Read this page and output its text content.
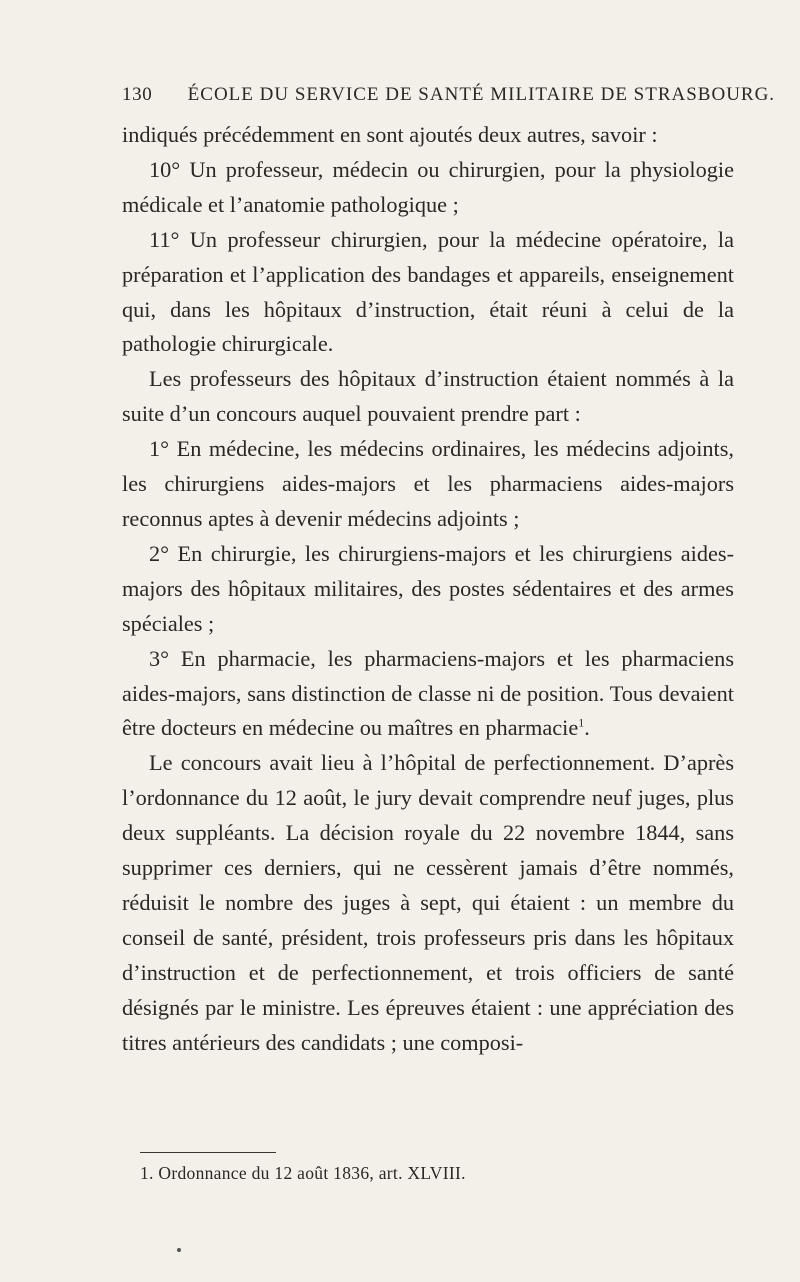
130 ÉCOLE DU SERVICE DE SANTÉ MILITAIRE DE STRASBOURG.

indiqués précédemment en sont ajoutés deux autres, savoir :

10° Un professeur, médecin ou chirurgien, pour la physiologie médicale et l’anatomie pathologique ;

11° Un professeur chirurgien, pour la médecine opératoire, la préparation et l’application des bandages et appareils, enseignement qui, dans les hôpitaux d’instruction, était réuni à celui de la pathologie chirurgicale.

Les professeurs des hôpitaux d’instruction étaient nommés à la suite d’un concours auquel pouvaient prendre part :

1° En médecine, les médecins ordinaires, les médecins adjoints, les chirurgiens aides-majors et les pharmaciens aides-majors reconnus aptes à devenir médecins adjoints ;

2° En chirurgie, les chirurgiens-majors et les chirurgiens aides-majors des hôpitaux militaires, des postes sédentaires et des armes spéciales ;

3° En pharmacie, les pharmaciens-majors et les pharmaciens aides-majors, sans distinction de classe ni de position. Tous devaient être docteurs en médecine ou maîtres en pharmacie$^1$.

Le concours avait lieu à l’hôpital de perfectionnement. D’après l’ordonnance du 12 août, le jury devait comprendre neuf juges, plus deux suppléants. La décision royale du 22 novembre 1844, sans supprimer ces derniers, qui ne cessèrent jamais d’être nommés, réduisit le nombre des juges à sept, qui étaient : un membre du conseil de santé, président, trois professeurs pris dans les hôpitaux d’instruction et de perfectionnement, et trois officiers de santé désignés par le ministre. Les épreuves étaient : une appréciation des titres antérieurs des candidats ; une composi-

1. Ordonnance du 12 août 1836, art. XLVIII.
